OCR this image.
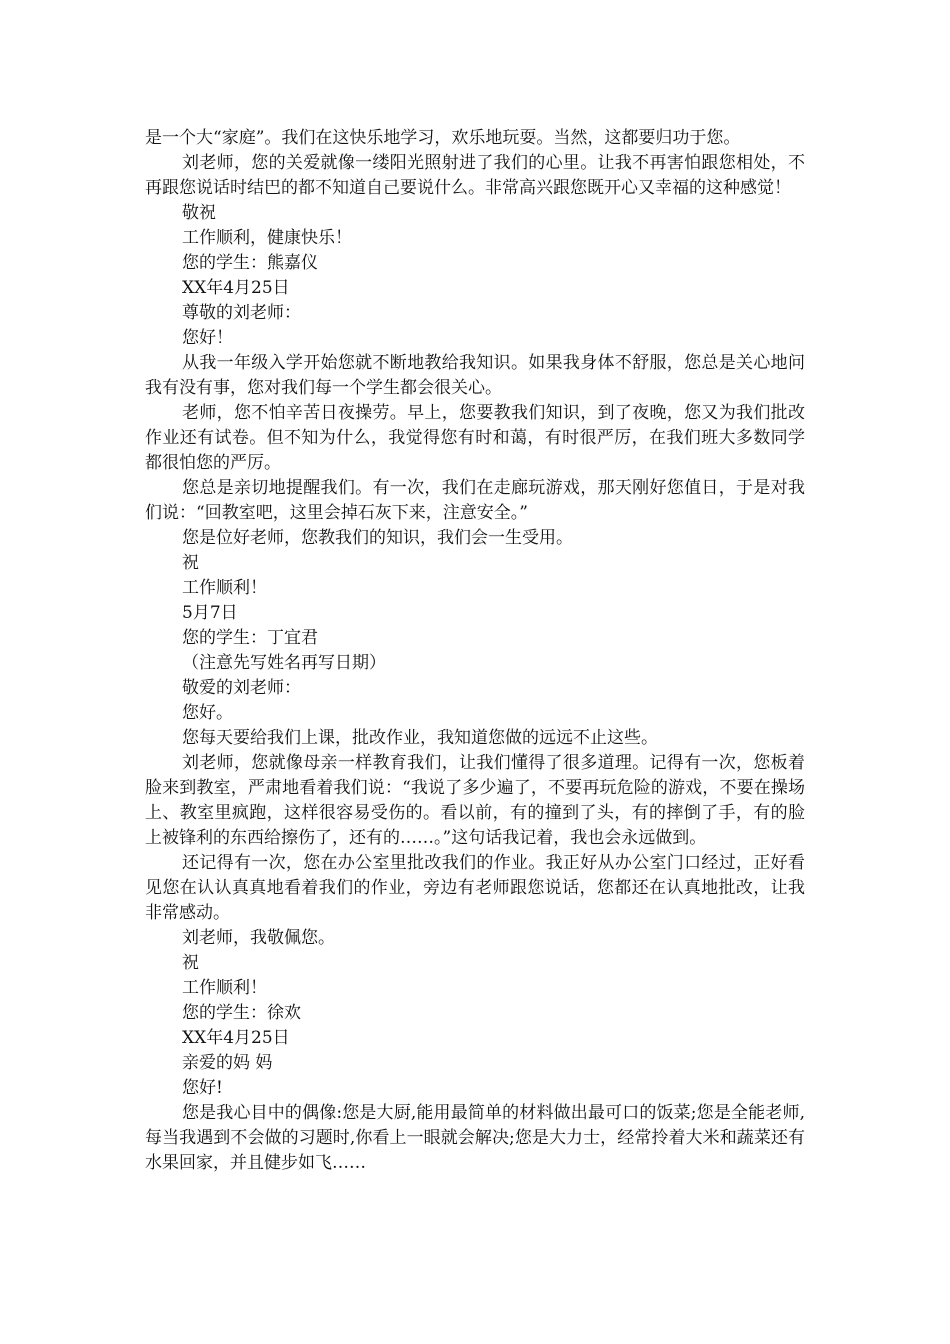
是一个大“家庭”。我们在这快乐地学习，欢乐地玩耍。当然，这都要归功于您。

刘老师，您的关爱就像一缕阳光照射进了我们的心里。让我不再害怕跟您相处，不再跟您说话时结巴的都不知道自己要说什么。非常高兴跟您既开心又幸福的这种感觉！

敬祝

工作顺利，健康快乐！

您的学生：熊嘉仪

XX年4月25日

尊敬的刘老师：

您好！

从我一年级入学开始您就不断地教给我知识。如果我身体不舒服，您总是关心地问我有没有事，您对我们每一个学生都会很关心。

老师，您不怕辛苦日夜操劳。早上，您要教我们知识，到了夜晚，您又为我们批改作业还有试卷。但不知为什么，我觉得您有时和蔼，有时很严厉，在我们班大多数同学都很怕您的严厉。

您总是亲切地提醒我们。有一次，我们在走廊玩游戏，那天刚好您值日，于是对我们说：“回教室吧，这里会掉石灰下来，注意安全。”

您是位好老师，您教我们的知识，我们会一生受用。

祝

工作顺利！

5月7日

您的学生：丁宜君

（注意先写姓名再写日期）

敬爱的刘老师：

您好。

您每天要给我们上课，批改作业，我知道您做的远远不止这些。

刘老师，您就像母亲一样教育我们，让我们懂得了很多道理。记得有一次，您板着脸来到教室，严肃地看着我们说：“我说了多少遍了，不要再玩危险的游戏，不要在操场上、教室里疯跑，这样很容易受伤的。看以前，有的撞到了头，有的摔倒了手，有的脸上被锋利的东西给擦伤了，还有的……。”这句话我记着，我也会永远做到。

还记得有一次，您在办公室里批改我们的作业。我正好从办公室门口经过，正好看见您在认认真真地看着我们的作业，旁边有老师跟您说话，您都还在认真地批改，让我非常感动。

刘老师，我敬佩您。

祝

工作顺利！

您的学生：徐欢

XX年4月25日

亲爱的妈 妈

您好!

您是我心目中的偶像:您是大厨,能用最简单的材料做出最可口的饭菜;您是全能老师,每当我遇到不会做的习题时,你看上一眼就会解决;您是大力士，经常拎着大米和蔬菜还有水果回家，并且健步如飞……
